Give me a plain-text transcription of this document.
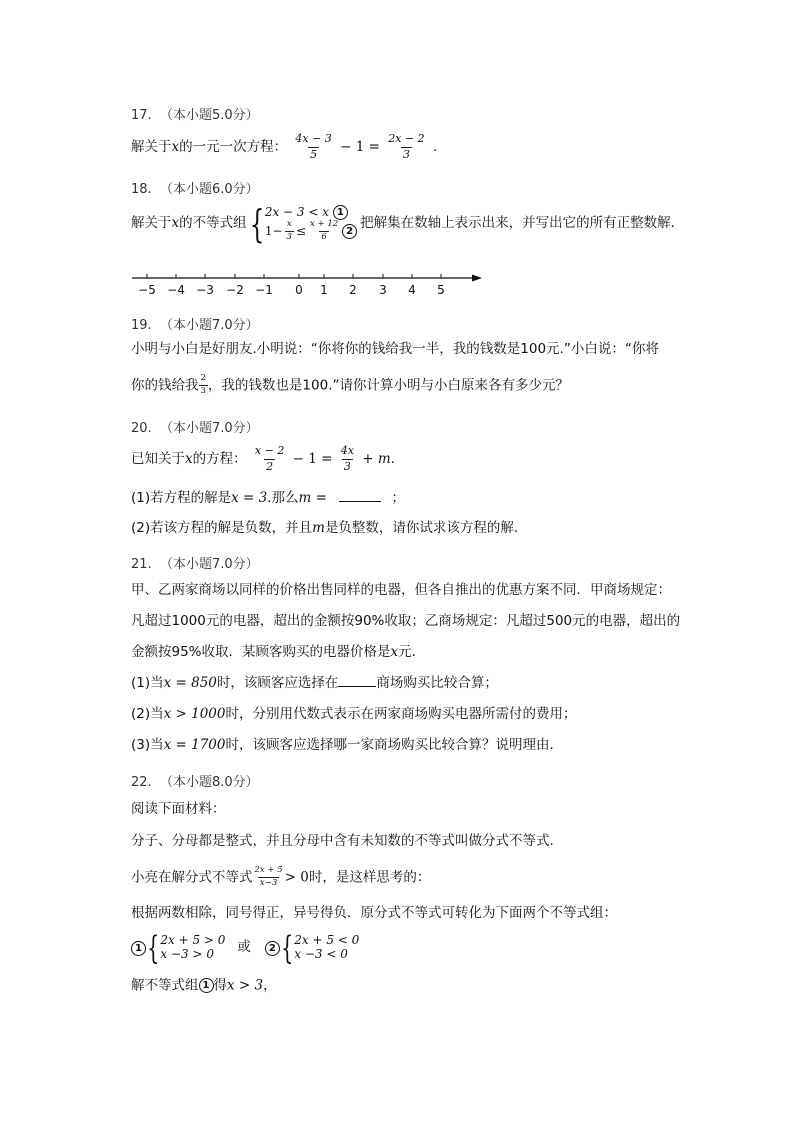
17. （本小题5.0分）
解关于x的一元一次方程： $\frac{4x - 3}{5} - 1 = \frac{2x - 2}{3}$ .
18. （本小题6.0分）
解关于x的不等式组 { 2x − 3 < x 1
$1- \frac{x}{3} \le \frac{x + 12}{6} 2$
把解集在数轴上表示出来，并写出它的所有正整数解．
−5 −4 −3 −2 −1 0 1 2 3 4 5
19. （本小题7.0分）
小明与小白是好朋友.小明说：“你将你的钱给我一半，我的钱数是100元.”小白说：“你将
你的钱给我 $\frac{2}{3}$ ，我的钱数也是100.”请你计算小明与小白原来各有多少元？
20. （本小题7.0分）
已知关于x的方程： $\frac{x - 2}{2} - 1 = \frac{4x}{3} + m$.
(1)若方程的解是x = 3.那么m =	；
(2)若该方程的解是负数，并且m是负整数，请你试求该方程的解．
21. （本小题7.0分）
甲、乙两家商场以同样的价格出售同样的电器，但各自推出的优惠方案不同．甲商场规定：
凡超过1000元的电器，超出的金额按90%收取；乙商场规定：凡超过500元的电器，超出的
金额按95%收取．某顾客购买的电器价格是x元．
(1)当x = 850时，该顾客应选择在	商场购买比较合算；
(2)当x > 1000时，分别用代数式表示在两家商场购买电器所需付的费用；
(3)当x = 1700时，该顾客应选择哪一家商场购买比较合算？说明理由．
22. （本小题8.0分）
阅读下面材料：
分子、分母都是整式，并且分母中含有未知数的不等式叫做分式不等式．
小亮在解分式不等式 $\frac{2x + 5}{x-3} > 0$时，是这样思考的：
根据两数相除，同号得正，异号得负．原分式不等式可转化为下面两个不等式组：
1 { 2x + 5 > 0
x −3 > 0	或	2 { 2x + 5 < 0
x −3 < 0
解不等式组 1 得x > 3，
